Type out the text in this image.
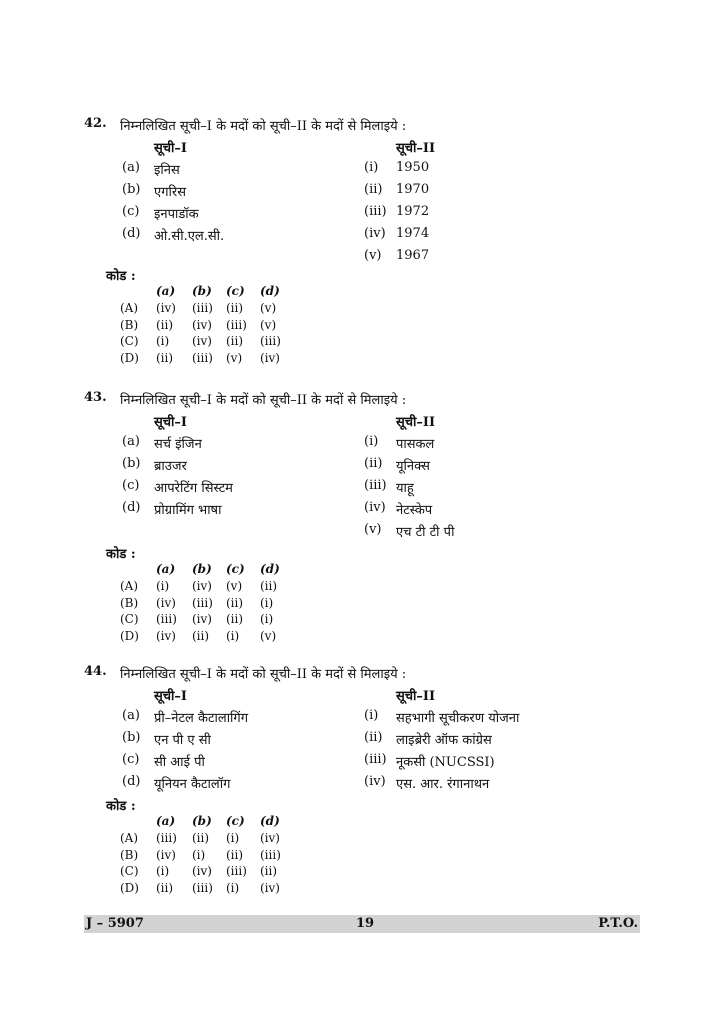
42. निम्नलिखित सूची–I के मदों को सूची–II के मदों से मिलाइये :
सूची–I	सूची–II
(a) इनिस	(i) 1950
(b) एगरिस	(ii) 1970
(c) इनपाडॉक	(iii) 1972
(d) ओ.सी.एल.सी.	(iv) 1974
(v) 1967
कोड :
(a) (b) (c) (d)
(A) (iv) (iii) (ii) (v)
(B) (ii) (iv) (iii) (v)
(C) (i) (iv) (ii) (iii)
(D) (ii) (iii) (v) (iv)
43. निम्नलिखित सूची–I के मदों को सूची–II के मदों से मिलाइये :
सूची–I	सूची–II
(a) सर्च इंजिन	(i) पासकल
(b) ब्राउजर	(ii) यूनिक्स
(c) आपरेटिंग सिस्टम	(iii) याहू
(d) प्रोग्रामिंग भाषा	(iv) नेटस्केप
(v) एच टी टी पी
कोड :
(a) (b) (c) (d)
(A) (i) (iv) (v) (ii)
(B) (iv) (iii) (ii) (i)
(C) (iii) (iv) (ii) (i)
(D) (iv) (ii) (i) (v)
44. निम्नलिखित सूची–I के मदों को सूची–II के मदों से मिलाइये :
सूची–I	सूची–II
(a) प्री–नेटल कैटालागिंग	(i) सहभागी सूचीकरण योजना
(b) एन पी ए सी	(ii) लाइब्रेरी ऑफ कांग्रेस
(c) सी आई पी	(iii) नूकसी (NUCSSI)
(d) यूनियन कैटालॉग	(iv) एस. आर. रंगानाथन
कोड :
(a) (b) (c) (d)
(A) (iii) (ii) (i) (iv)
(B) (iv) (i) (ii) (iii)
(C) (i) (iv) (iii) (ii)
(D) (ii) (iii) (i) (iv)
J – 5907	19	P.T.O.
